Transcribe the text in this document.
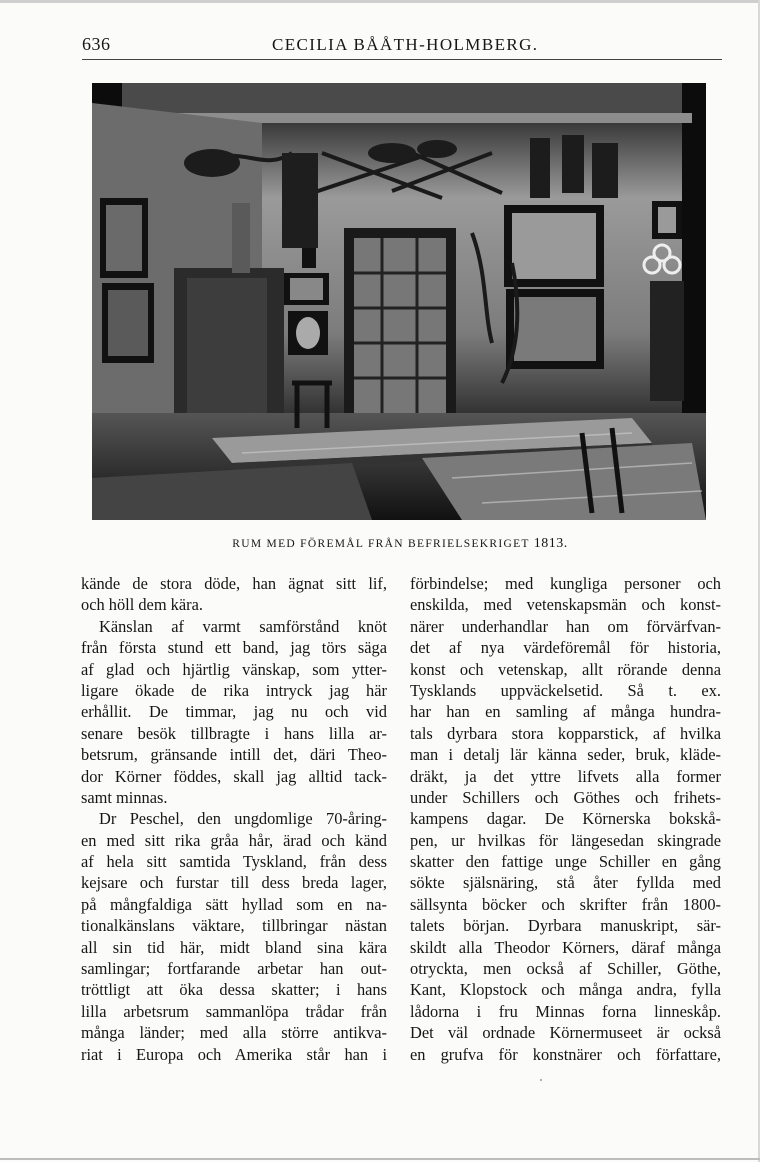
636	CECILIA BÅÅTH-HOLMBERG.
RUM MED FÖREMÅL FRÅN BEFRIELSEKRIGET 1813.
kände de stora döde, han ägnat sitt lif,
och höll dem kära.
Känslan af varmt samförstånd knöt
från första stund ett band, jag törs säga
af glad och hjärtlig vänskap, som ytter-
ligare ökade de rika intryck jag här
erhållit. De timmar, jag nu och vid
senare besök tillbragte i hans lilla ar-
betsrum, gränsande intill det, däri Theo-
dor Körner föddes, skall jag alltid tack-
samt minnas.
Dr Peschel, den ungdomlige 70-åring-
en med sitt rika gråa hår, ärad och känd
af hela sitt samtida Tyskland, från dess
kejsare och furstar till dess breda lager,
på mångfaldiga sätt hyllad som en na-
tionalkänslans väktare, tillbringar nästan
all sin tid här, midt bland sina kära
samlingar; fortfarande arbetar han out-
tröttligt att öka dessa skatter; i hans
lilla arbetsrum sammanlöpa trådar från
många länder; med alla större antikva-
riat i Europa och Amerika står han i
förbindelse; med kungliga personer och
enskilda, med vetenskapsmän och konst-
närer underhandlar han om förvärfvan-
det af nya värdeföremål för historia,
konst och vetenskap, allt rörande denna
Tysklands uppväckelsetid. Så t. ex.
har han en samling af många hundra-
tals dyrbara stora kopparstick, af hvilka
man i detalj lär känna seder, bruk, kläde-
dräkt, ja det yttre lifvets alla former
under Schillers och Göthes och frihets-
kampens dagar. De Körnerska bokskå-
pen, ur hvilkas för längesedan skingrade
skatter den fattige unge Schiller en gång
sökte själsnäring, stå åter fyllda med
sällsynta böcker och skrifter från 1800-
talets början. Dyrbara manuskript, sär-
skildt alla Theodor Körners, däraf många
otryckta, men också af Schiller, Göthe,
Kant, Klopstock och många andra, fylla
lådorna i fru Minnas forna linneskåp.
Det väl ordnade Körnermuseet är också
en grufva för konstnärer och författare,
